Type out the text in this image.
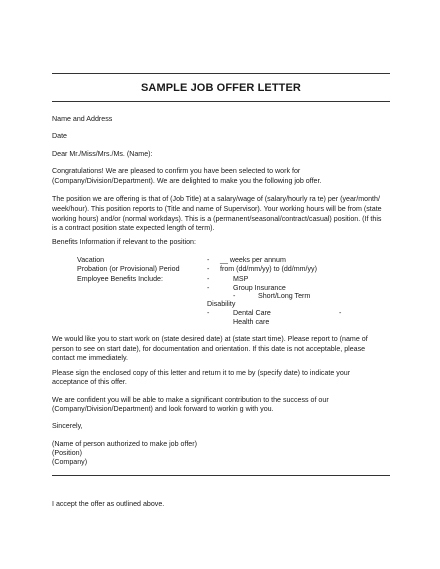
SAMPLE JOB OFFER LETTER
Name and Address
Date
Dear Mr./Miss/Mrs./Ms. (Name):
Congratulations! We are pleased to confirm you have been selected to work for
(Company/Division/Department). We are delighted to make you the following job offer.
The position we are offering is that of (Job Title) at a salary/wage of (salary/hourly ra te) per (year/month/
week/hour). This position reports to (Title and name of Supervisor). Your working hours will be from (state
working hours) and/or (normal workdays). This is a (permanent/seasonal/contract/casual) position. (If this
is a contract position state expected length of term).
Benefits Information if relevant to the position:
Vacation	- __ weeks per annum
Probation (or Provisional) Period	- from (dd/mm/yy) to (dd/mm/yy)
Employee Benefits Include:	-	MSP
-	Group Insurance
-	Short/Long Term
Disability
-	Dental Care	-
Health care
We would like you to start work on (state desired date) at (state start time). Please report to (name of
person to see on start date), for documentation and orientation. If this date is not acceptable, please
contact me immediately.
Please sign the enclosed copy of this letter and return it to me by (specify date) to indicate your
acceptance of this offer.
We are confident you will be able to make a significant contribution to the success of our
(Company/Division/Department) and look forward to workin g with you.
Sincerely,
(Name of person authorized to make job offer)
(Position)
(Company)
I accept the offer as outlined above.
